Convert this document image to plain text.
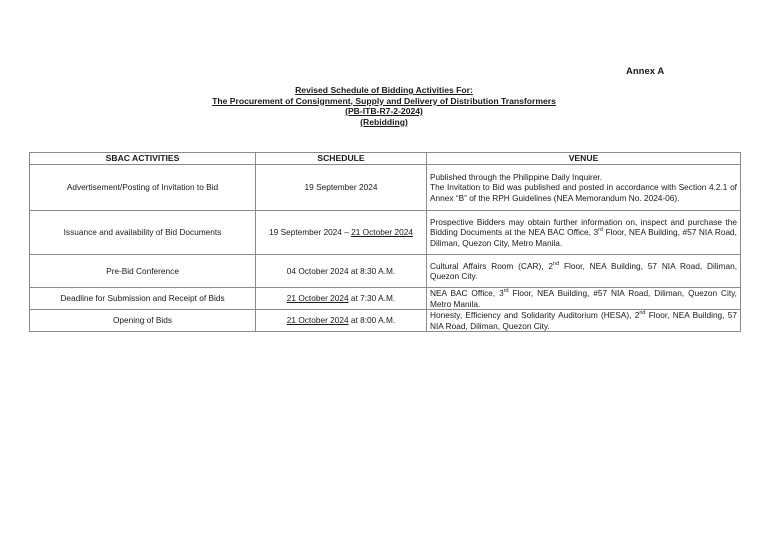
Annex A
Revised Schedule of Bidding Activities For:
The Procurement of Consignment, Supply and Delivery of Distribution Transformers
(PB-ITB-R7-2-2024)
(Rebidding)
SBAC ACTIVITIES	SCHEDULE	VENUE
Advertisement/Posting of Invitation to Bid	19 September 2024	Published through the Philippine Daily Inquirer.
The Invitation to Bid was published and posted in accordance with Section 4.2.1 of Annex “B” of the RPH Guidelines (NEA Memorandum No. 2024-06).

Issuance and availability of Bid Documents	19 September 2024 – 21 October 2024	Prospective Bidders may obtain further information on, inspect and purchase the Bidding Documents at the NEA BAC Office, 3rd Floor, NEA Building, #57 NIA Road, Diliman, Quezon City, Metro Manila.
Pre-Bid Conference	04 October 2024 at 8:30 A.M.	Cultural Affairs Room (CAR), 2nd Floor, NEA Building, 57 NIA Road, Diliman, Quezon City.
Deadline for Submission and Receipt of Bids	21 October 2024 at 7:30 A.M.	NEA BAC Office, 3rd Floor, NEA Building, #57 NIA Road, Diliman, Quezon City, Metro Manila.
Opening of Bids	21 October 2024 at 8:00 A.M.	Honesty, Efficiency and Solidarity Auditorium (HESA), 2nd Floor, NEA Building, 57 NIA Road, Diliman, Quezon City.
